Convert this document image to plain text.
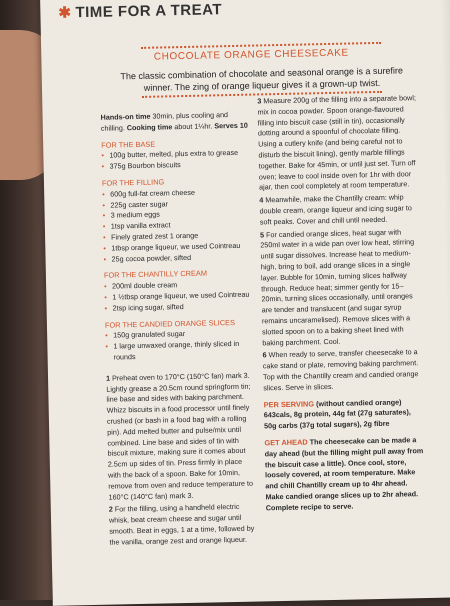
✱ TIME FOR A TREAT
CHOCOLATE ORANGE CHEESECAKE
The classic combination of chocolate and seasonal orange is a surefire winner. The zing of orange liqueur gives it a grown-up twist.
Hands-on time 30min, plus cooling and chilling. Cooking time about 1¼hr. Serves 10
FOR THE BASE
• 100g butter, melted, plus extra to grease
• 375g Bourbon biscuits
FOR THE FILLING
• 600g full-fat cream cheese
• 225g caster sugar
• 3 medium eggs
• 1tsp vanilla extract
• Finely grated zest 1 orange
• 1tbsp orange liqueur, we used Cointreau
• 25g cocoa powder, sifted
FOR THE CHANTILLY CREAM
• 200ml double cream
• 1 ½tbsp orange liqueur, we used Cointreau
• 2tsp icing sugar, sifted
FOR THE CANDIED ORANGE SLICES
• 150g granulated sugar
• 1 large unwaxed orange, thinly sliced in rounds
1 Preheat oven to 170°C (150°C fan) mark 3. Lightly grease a 20.5cm round springform tin; line base and sides with baking parchment. Whizz biscuits in a food processor until finely crushed (or bash in a food bag with a rolling pin). Add melted butter and pulse/mix until combined. Line base and sides of tin with biscuit mixture, making sure it comes about 2.5cm up sides of tin. Press firmly in place with the back of a spoon. Bake for 10min, remove from oven and reduce temperature to 160°C (140°C fan) mark 3.
2 For the filling, using a handheld electric whisk, beat cream cheese and sugar until smooth. Beat in eggs, 1 at a time, followed by the vanilla, orange zest and orange liqueur.
3 Measure 200g of the filling into a separate bowl; mix in cocoa powder. Spoon orange-flavoured filling into biscuit case (still in tin), occasionally dotting around a spoonful of chocolate filling. Using a cutlery knife (and being careful not to disturb the biscuit lining), gently marble fillings together. Bake for 45min, or until just set. Turn off oven; leave to cool inside oven for 1hr with door ajar, then cool completely at room temperature.
4 Meanwhile, make the Chantilly cream: whip double cream, orange liqueur and icing sugar to soft peaks. Cover and chill until needed.
5 For candied orange slices, heat sugar with 250ml water in a wide pan over low heat, stirring until sugar dissolves. Increase heat to medium-high, bring to boil, add orange slices in a single layer. Bubble for 10min, turning slices halfway through. Reduce heat; simmer gently for 15–20min, turning slices occasionally, until oranges are tender and translucent (and sugar syrup remains uncaramelised). Remove slices with a slotted spoon on to a baking sheet lined with baking parchment. Cool.
6 When ready to serve, transfer cheesecake to a cake stand or plate, removing baking parchment. Top with the Chantilly cream and candied orange slices. Serve in slices.
PER SERVING (without candied orange) 643cals, 8g protein, 44g fat (27g saturates), 50g carbs (37g total sugars), 2g fibre
GET AHEAD The cheesecake can be made a day ahead (but the filling might pull away from the biscuit case a little). Once cool, store, loosely covered, at room temperature. Make and chill Chantilly cream up to 4hr ahead. Make candied orange slices up to 2hr ahead. Complete recipe to serve.
